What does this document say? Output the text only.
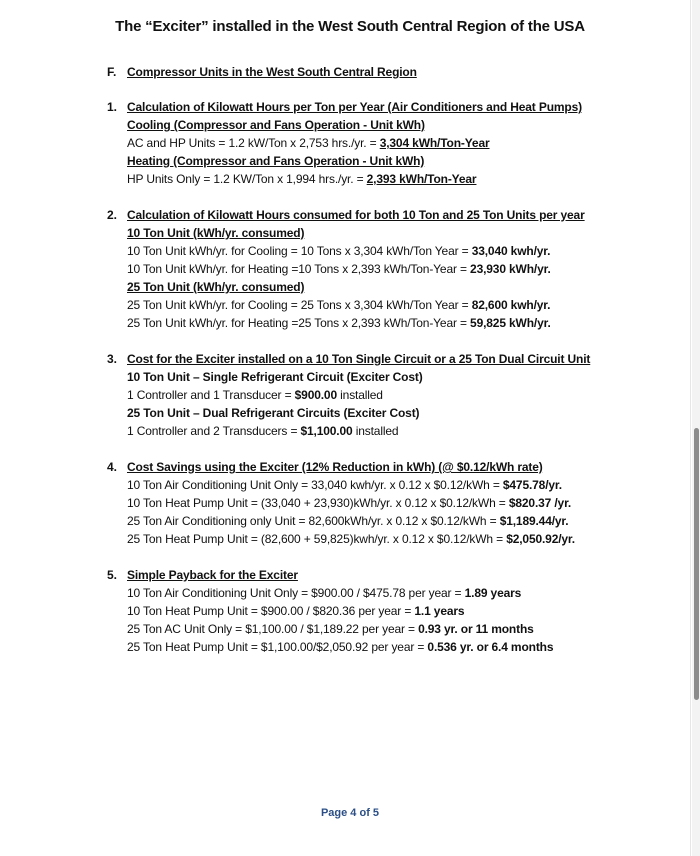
The “Exciter” installed in the West South Central Region of the USA
F. Compressor Units in the West South Central Region
1. Calculation of Kilowatt Hours per Ton per Year (Air Conditioners and Heat Pumps)
Cooling (Compressor and Fans Operation - Unit kWh)
AC and HP Units = 1.2 kW/Ton x 2,753 hrs./yr. = 3,304 kWh/Ton-Year
Heating (Compressor and Fans Operation - Unit kWh)
HP Units Only = 1.2 KW/Ton x 1,994 hrs./yr. = 2,393 kWh/Ton-Year
2. Calculation of Kilowatt Hours consumed for both 10 Ton and 25 Ton Units per year
10 Ton Unit (kWh/yr. consumed)
10 Ton Unit kWh/yr. for Cooling = 10 Tons x 3,304 kWh/Ton Year = 33,040 kwh/yr.
10 Ton Unit kWh/yr. for Heating =10 Tons x 2,393 kWh/Ton-Year = 23,930 kWh/yr.
25 Ton Unit (kWh/yr. consumed)
25 Ton Unit kWh/yr. for Cooling = 25 Tons x 3,304 kWh/Ton Year = 82,600 kwh/yr.
25 Ton Unit kWh/yr. for Heating =25 Tons x 2,393 kWh/Ton-Year = 59,825 kWh/yr.
3. Cost for the Exciter installed on a 10 Ton Single Circuit or a 25 Ton Dual Circuit Unit
10 Ton Unit – Single Refrigerant Circuit (Exciter Cost)
1 Controller and 1 Transducer = $900.00 installed
25 Ton Unit – Dual Refrigerant Circuits (Exciter Cost)
1 Controller and 2 Transducers = $1,100.00 installed
4. Cost Savings using the Exciter (12% Reduction in kWh) (@ $0.12/kWh rate)
10 Ton Air Conditioning Unit Only = 33,040 kwh/yr. x 0.12 x $0.12/kWh = $475.78/yr.
10 Ton Heat Pump Unit = (33,040 + 23,930)kWh/yr. x 0.12 x $0.12/kWh = $820.37 /yr.
25 Ton Air Conditioning only Unit = 82,600kWh/yr. x 0.12 x $0.12/kWh = $1,189.44/yr.
25 Ton Heat Pump Unit = (82,600 + 59,825)kwh/yr. x 0.12 x $0.12/kWh = $2,050.92/yr.
5. Simple Payback for the Exciter
10 Ton Air Conditioning Unit Only = $900.00 / $475.78 per year = 1.89 years
10 Ton Heat Pump Unit = $900.00 / $820.36 per year = 1.1 years
25 Ton AC Unit Only = $1,100.00 / $1,189.22 per year = 0.93 yr. or 11 months
25 Ton Heat Pump Unit = $1,100.00/$2,050.92 per year = 0.536 yr. or 6.4 months
Page 4 of 5
